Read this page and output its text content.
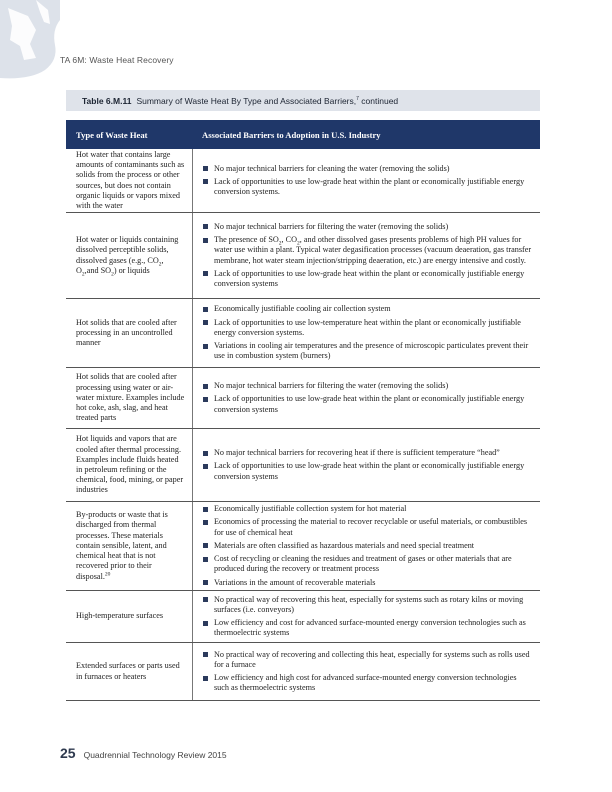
TA 6M: Waste Heat Recovery
Table 6.M.11 Summary of Waste Heat By Type and Associated Barriers,$^7$ continued
Type of Waste Heat	Associated Barriers to Adoption in U.S. Industry
Hot water that contains large amounts of contaminants such as solids from the process or other sources, but does not contain organic liquids or vapors mixed with the water
No major technical barriers for cleaning the water (removing the solids)
Lack of opportunities to use low-grade heat within the plant or economically justifiable energy conversion systems.
Hot water or liquids containing dissolved perceptible solids, dissolved gases (e.g., $CO_2$, $O_2,and$ $SO_2$) or liquids
No major technical barriers for filtering the water (removing the solids)
The presence of $SO_2$, $CO_2$, and other dissolved gases presents problems of high PH values for water use within a plant. Typical water degasification processes (vacuum deaeration, gas transfer membrane, hot water steam injection/stripping deaeration, etc.) are energy intensive and costly.
Lack of opportunities to use low-grade heat within the plant or economically justifiable energy conversion systems
Hot solids that are cooled after processing in an uncontrolled manner
Economically justifiable cooling air collection system
Lack of opportunities to use low-temperature heat within the plant or economically justifiable energy conversion systems.
Variations in cooling air temperatures and the presence of microscopic particulates prevent their use in combustion system (burners)
Hot solids that are cooled after processing using water or air-water mixture. Examples include hot coke, ash, slag, and heat treated parts
No major technical barriers for filtering the water (removing the solids)
Lack of opportunities to use low-grade heat within the plant or economically justifiable energy conversion systems
Hot liquids and vapors that are cooled after thermal processing. Examples include fluids heated in petroleum refining or the chemical, food, mining, or paper industries
No major technical barriers for recovering heat if there is sufficient temperature “head”
Lack of opportunities to use low-grade heat within the plant or economically justifiable energy conversion systems
By-products or waste that is discharged from thermal processes. These materials contain sensible, latent, and chemical heat that is not recovered prior to their disposal.$^{20}$
Economically justifiable collection system for hot material
Economics of processing the material to recover recyclable or useful materials, or combustibles for use of chemical heat
Materials are often classified as hazardous materials and need special treatment
Cost of recycling or cleaning the residues and treatment of gases or other materials that are produced during the recovery or treatment process
Variations in the amount of recoverable materials
High-temperature surfaces
No practical way of recovering this heat, especially for systems such as rotary kilns or moving surfaces (i.e. conveyors)
Low efficiency and cost for advanced surface-mounted energy conversion technologies such as thermoelectric systems
Extended surfaces or parts used in furnaces or heaters
No practical way of recovering and collecting this heat, especially for systems such as rolls used for a furnace
Low efficiency and high cost for advanced surface-mounted energy conversion technologies such as thermoelectric systems
25 Quadrennial Technology Review 2015
